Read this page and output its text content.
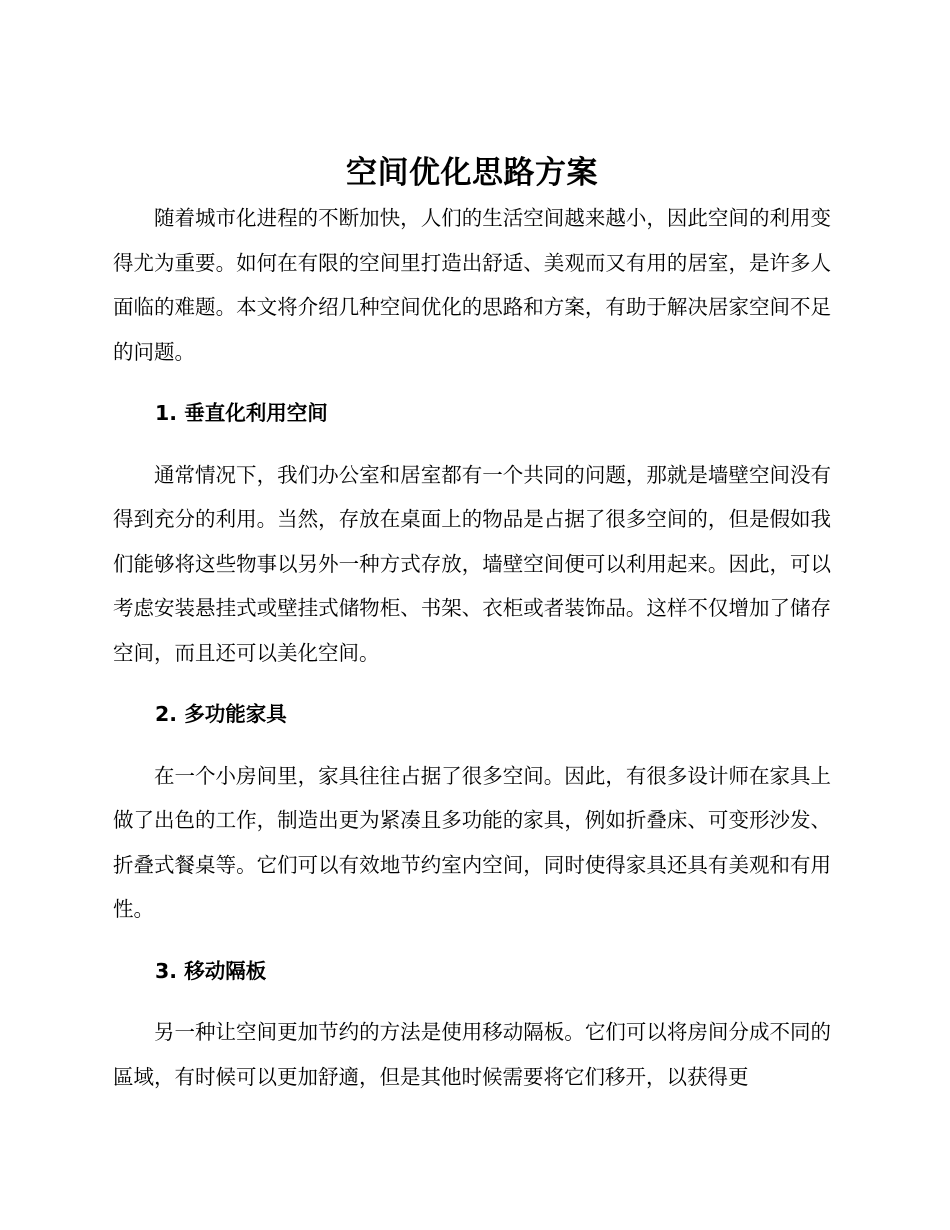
空间优化思路方案

随着城市化进程的不断加快，人们的生活空间越来越小，因此空间的利用变得尤为重要。如何在有限的空间里打造出舒适、美观而又有用的居室，是许多人面临的难题。本文将介绍几种空间优化的思路和方案，有助于解决居家空间不足的问题。

1. 垂直化利用空间

通常情况下，我们办公室和居室都有一个共同的问题，那就是墙壁空间没有得到充分的利用。当然，存放在桌面上的物品是占据了很多空间的，但是假如我们能够将这些物事以另外一种方式存放，墙壁空间便可以利用起来。因此，可以考虑安装悬挂式或壁挂式储物柜、书架、衣柜或者装饰品。这样不仅增加了储存空间，而且还可以美化空间。

2. 多功能家具

在一个小房间里，家具往往占据了很多空间。因此，有很多设计师在家具上做了出色的工作，制造出更为紧凑且多功能的家具，例如折叠床、可变形沙发、折叠式餐桌等。它们可以有效地节约室内空间，同时使得家具还具有美观和有用性。

3. 移动隔板

另一种让空间更加节约的方法是使用移动隔板。它们可以将房间分成不同的區域，有时候可以更加舒適，但是其他时候需要将它们移开，以获得更
